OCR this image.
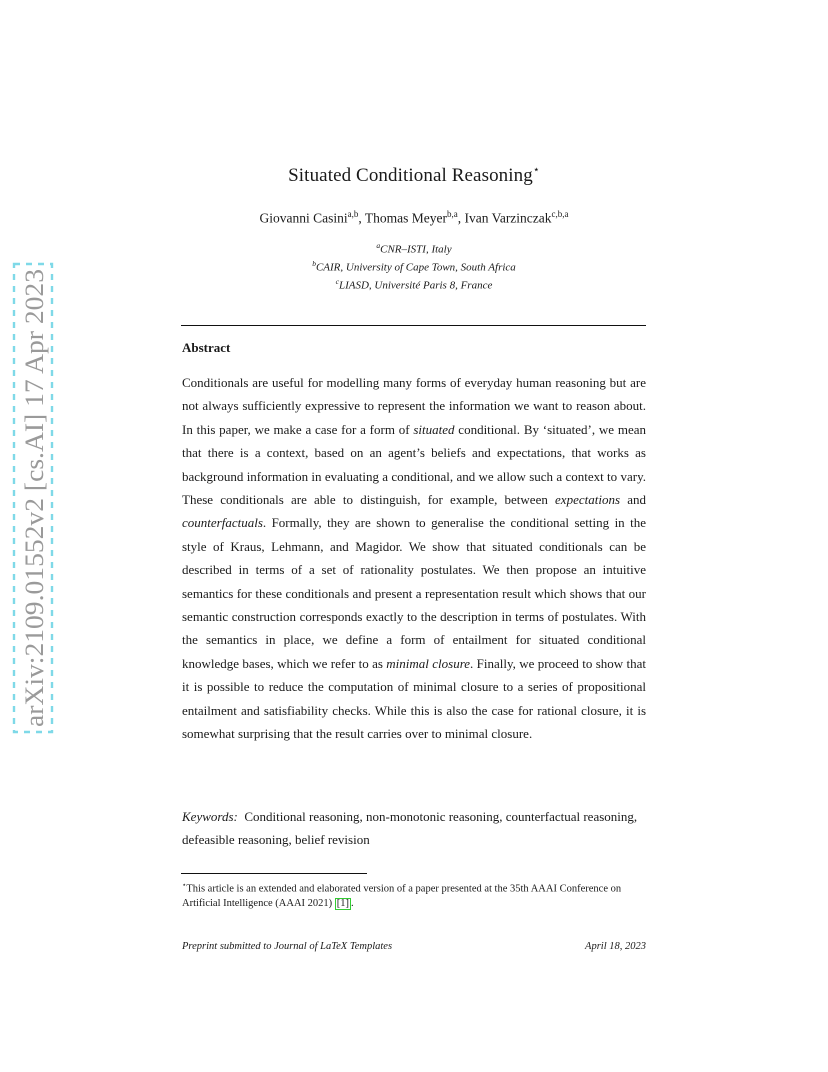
arXiv:2109.01552v2 [cs.AI] 17 Apr 2023
Situated Conditional Reasoning⋆
Giovanni Casini$^{a,b}$, Thomas Meyer$^{b,a}$, Ivan Varzinczak$^{c,b,a}$
$^a$CNR–ISTI, Italy
$^b$CAIR, University of Cape Town, South Africa
$^c$LIASD, Université Paris 8, France
Abstract
Conditionals are useful for modelling many forms of everyday human reasoning but are not always sufficiently expressive to represent the information we want to reason about. In this paper, we make a case for a form of situated conditional. By ‘situated’, we mean that there is a context, based on an agent’s beliefs and expectations, that works as background information in evaluating a conditional, and we allow such a context to vary. These conditionals are able to distinguish, for example, between expectations and counterfactuals. Formally, they are shown to generalise the conditional setting in the style of Kraus, Lehmann, and Magidor. We show that situated conditionals can be described in terms of a set of rationality postulates. We then propose an intuitive semantics for these conditionals and present a representation result which shows that our semantic construction corresponds exactly to the description in terms of postulates. With the semantics in place, we define a form of entailment for situated conditional knowledge bases, which we refer to as minimal closure. Finally, we proceed to show that it is possible to reduce the computation of minimal closure to a series of propositional entailment and satisfiability checks. While this is also the case for rational closure, it is somewhat surprising that the result carries over to minimal closure.
Keywords: Conditional reasoning, non-monotonic reasoning, counterfactual reasoning, defeasible reasoning, belief revision
⋆This article is an extended and elaborated version of a paper presented at the 35th AAAI Conference on Artificial Intelligence (AAAI 2021) [1] .
Preprint submitted to Journal of LaTeX Templates	April 18, 2023
